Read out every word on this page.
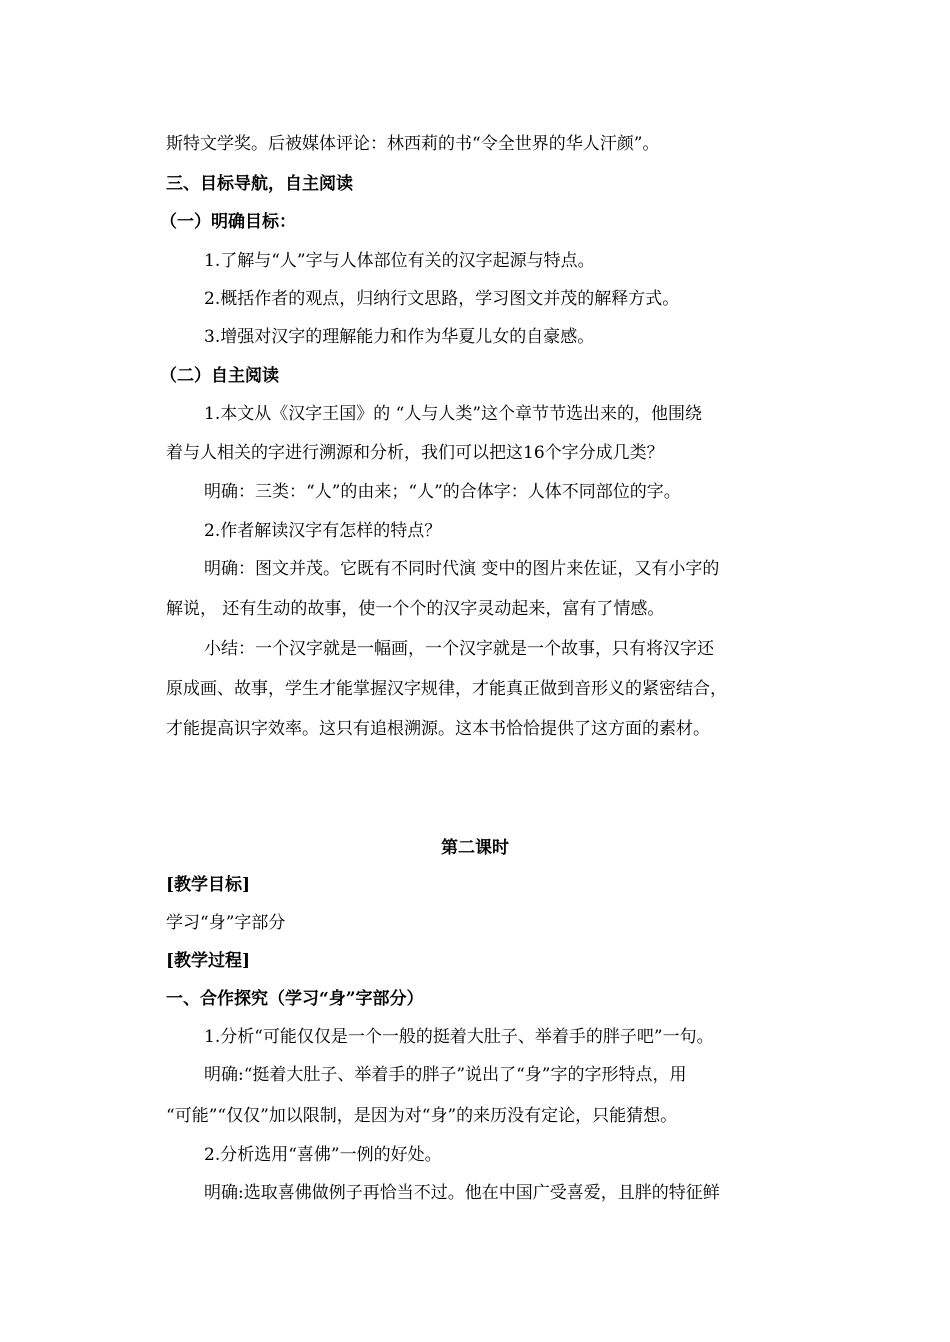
斯特文学奖。后被媒体评论：林西莉的书“令全世界的华人汗颜”。
三、目标导航，自主阅读
（一）明确目标：
1.了解与“人”字与人体部位有关的汉字起源与特点。
2.概括作者的观点，归纳行文思路，学习图文并茂的解释方式。
3.增强对汉字的理解能力和作为华夏儿女的自豪感。
（二）自主阅读
1.本文从《汉字王国》的 “人与人类”这个章节节选出来的，他围绕
着与人相关的字进行溯源和分析，我们可以把这16个字分成几类？
明确：三类：“人”的由来；“人”的合体字：人体不同部位的字。
2.作者解读汉字有怎样的特点？
明确：图文并茂。它既有不同时代演 变中的图片来佐证，又有小字的
解说， 还有生动的故事，使一个个的汉字灵动起来，富有了情感。
小结：一个汉字就是一幅画，一个汉字就是一个故事，只有将汉字还
原成画、故事，学生才能掌握汉字规律，才能真正做到音形义的紧密结合，
才能提高识字效率。这只有追根溯源。这本书恰恰提供了这方面的素材。
第二课时
[教学目标]
学习“身”字部分
[教学过程]
一、合作探究（学习“身”字部分）
1.分析“可能仅仅是一个一般的挺着大肚子、举着手的胖子吧”一句。
明确:“挺着大肚子、举着手的胖子”说出了“身”字的字形特点，用
“可能”“仅仅”加以限制，是因为对“身”的来历没有定论，只能猜想。
2.分析选用“喜佛”一例的好处。
明确:选取喜佛做例子再恰当不过。他在中国广受喜爱，且胖的特征鲜
